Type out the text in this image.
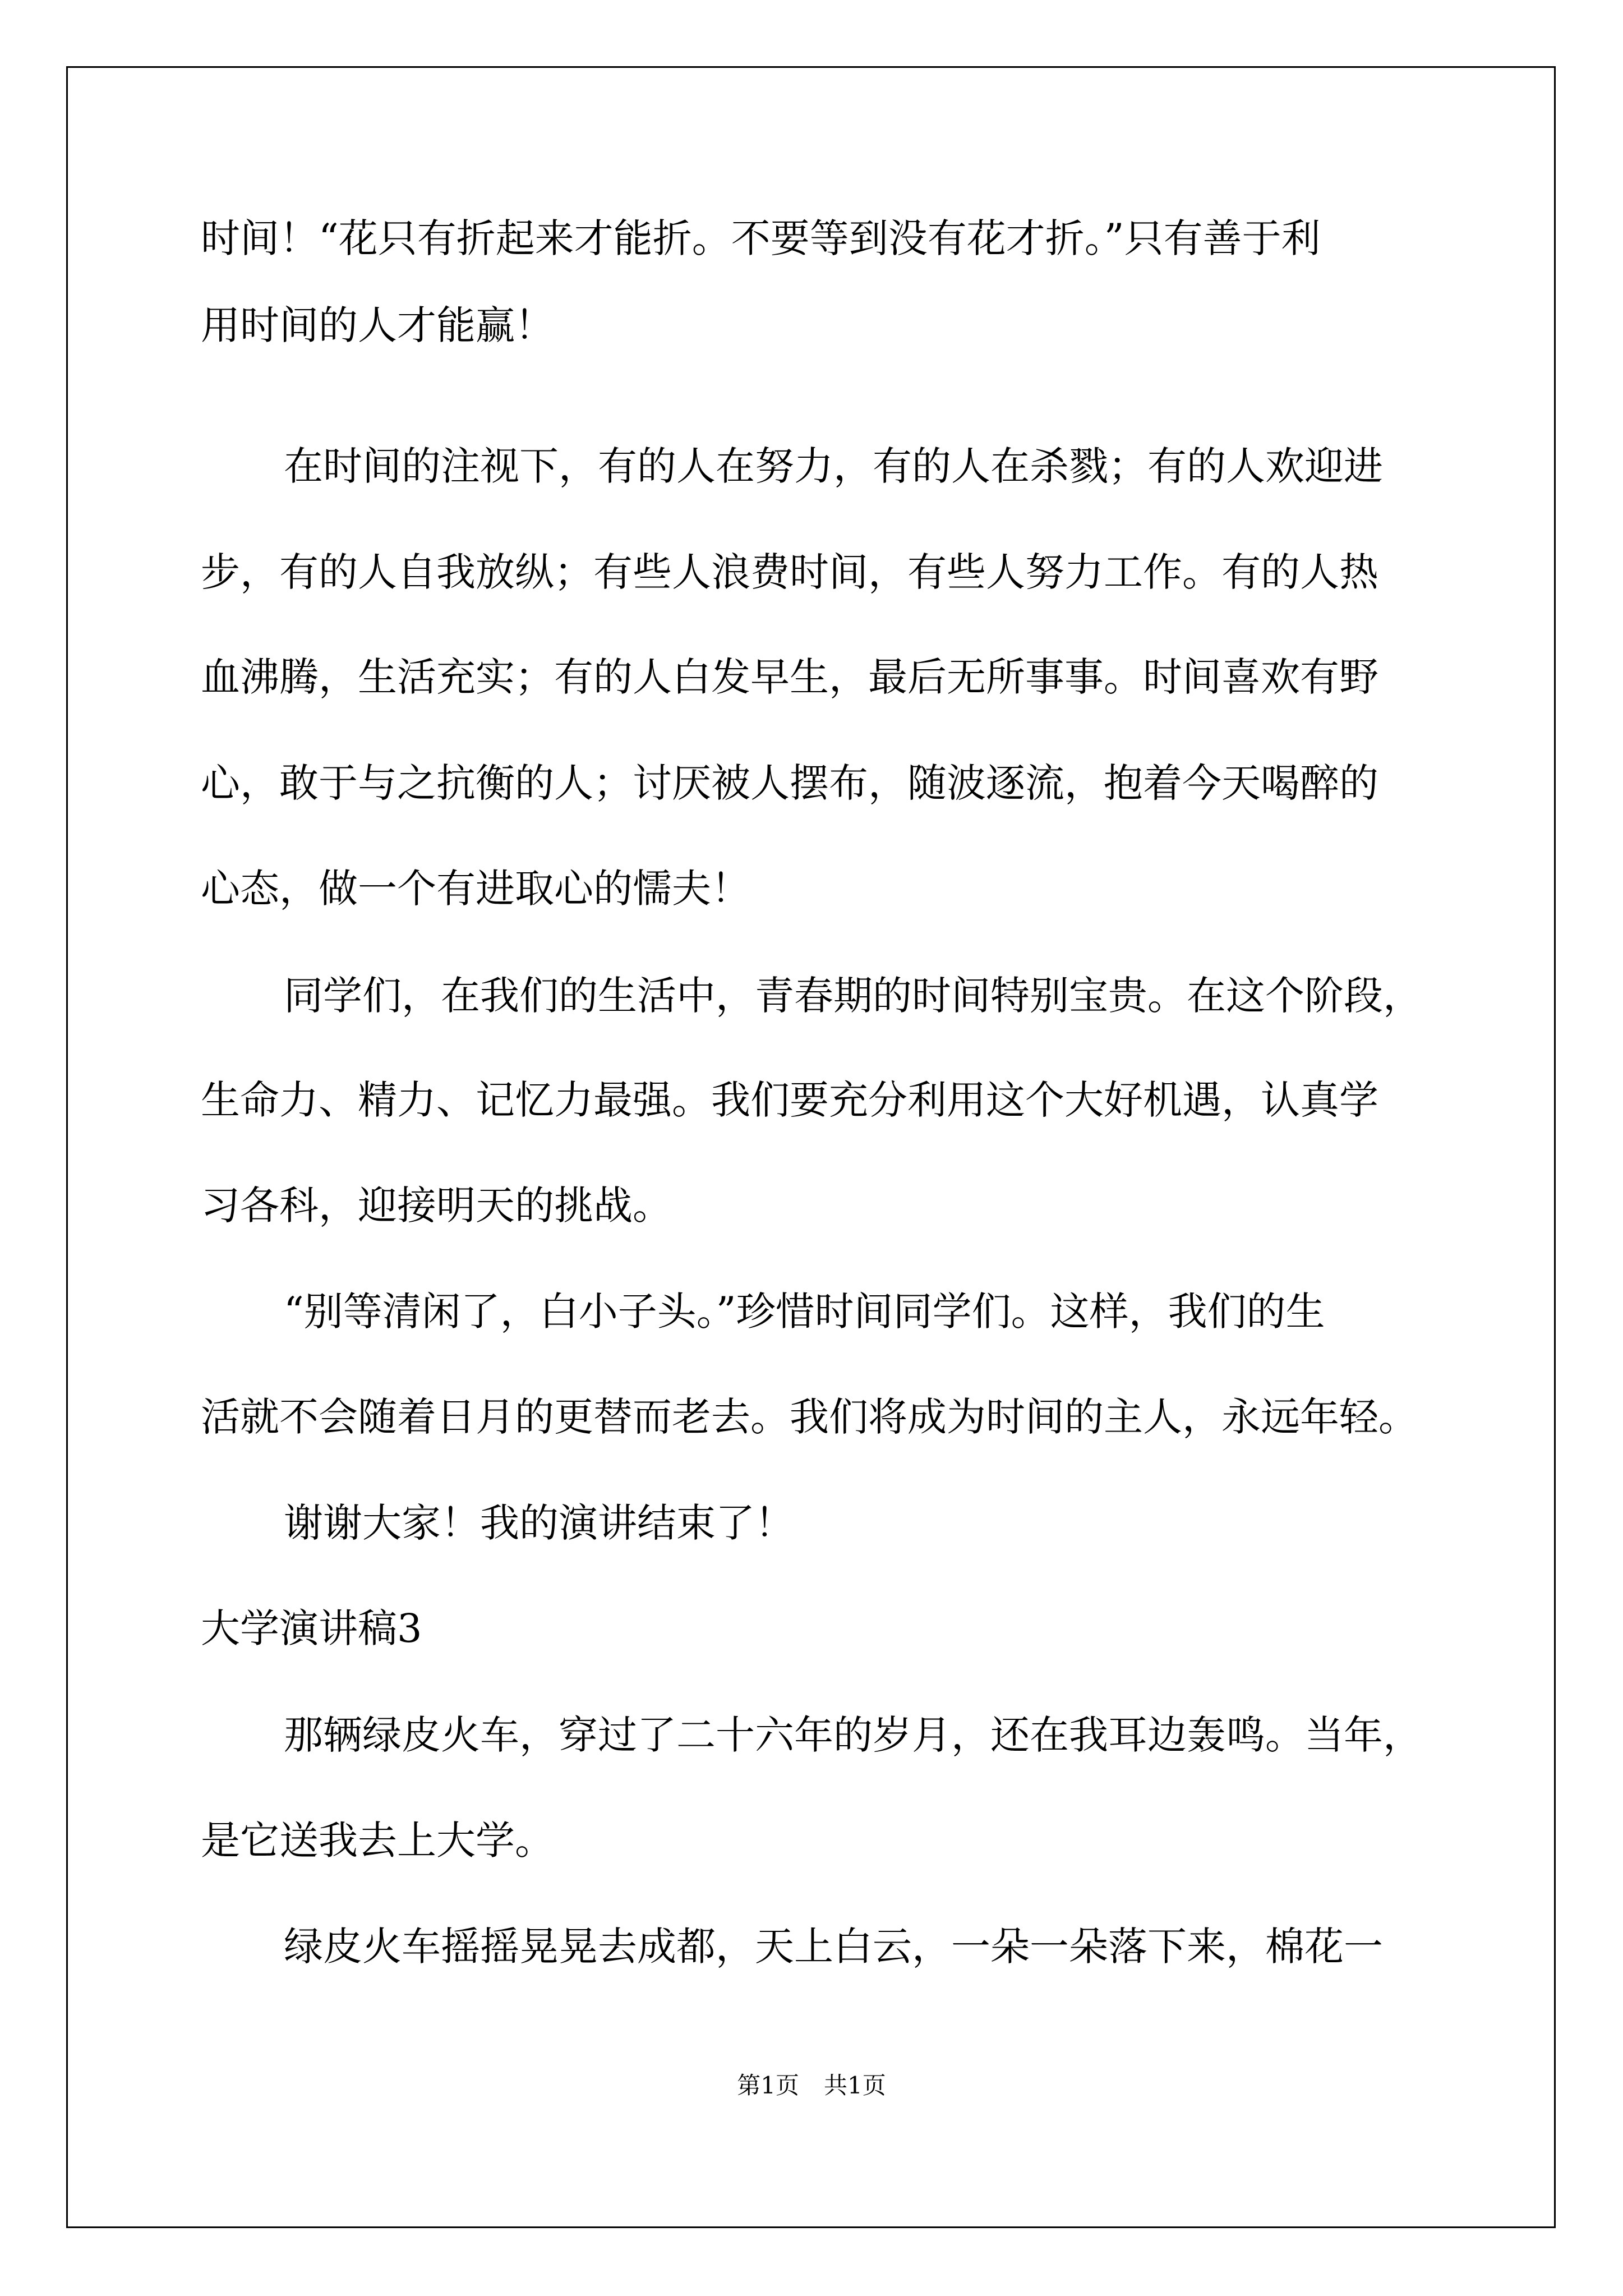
时间！“花只有折起来才能折。不要等到没有花才折。”只有善于利
用时间的人才能赢！
在时间的注视下，有的人在努力，有的人在杀戮；有的人欢迎进
步，有的人自我放纵；有些人浪费时间，有些人努力工作。有的人热
血沸腾，生活充实；有的人白发早生，最后无所事事。时间喜欢有野
心，敢于与之抗衡的人；讨厌被人摆布，随波逐流，抱着今天喝醉的
心态，做一个有进取心的懦夫！
同学们，在我们的生活中，青春期的时间特别宝贵。在这个阶段，
生命力、精力、记忆力最强。我们要充分利用这个大好机遇，认真学
习各科，迎接明天的挑战。
“别等清闲了，白小子头。”珍惜时间同学们。这样，我们的生
活就不会随着日月的更替而老去。我们将成为时间的主人，永远年轻。
谢谢大家！我的演讲结束了！
大学演讲稿3
那辆绿皮火车，穿过了二十六年的岁月，还在我耳边轰鸣。当年，
是它送我去上大学。
绿皮火车摇摇晃晃去成都，天上白云，一朵一朵落下来，棉花一
第1页 共1页
